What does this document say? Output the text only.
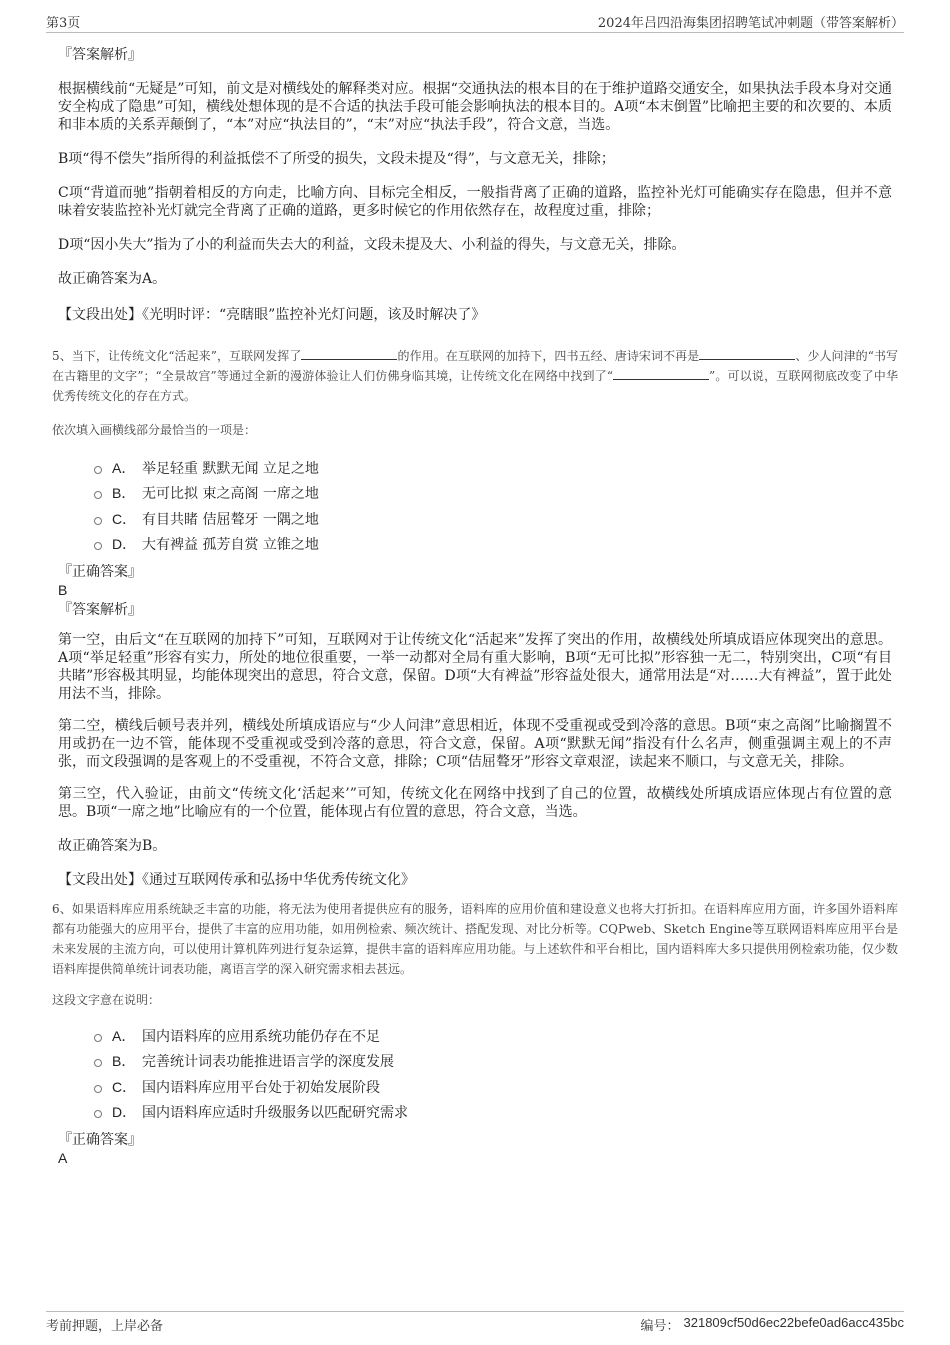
第3页	2024年吕四沿海集团招聘笔试冲刺题（带答案解析）

『答案解析』

根据横线前“无疑是”可知，前文是对横线处的解释类对应。根据“交通执法的根本目的在于维护道路交通安全，如果执法手段本身对交通安全构成了隐患”可知，横线处想体现的是不合适的执法手段可能会影响执法的根本目的。A项“本末倒置”比喻把主要的和次要的、本质和非本质的关系弄颠倒了，“本”对应“执法目的”，“末”对应“执法手段”，符合文意，当选。

B项“得不偿失”指所得的利益抵偿不了所受的损失，文段未提及“得”，与文意无关，排除；

C项“背道而驰”指朝着相反的方向走，比喻方向、目标完全相反，一般指背离了正确的道路，监控补光灯可能确实存在隐患，但并不意味着安装监控补光灯就完全背离了正确的道路，更多时候它的作用依然存在，故程度过重，排除；

D项“因小失大”指为了小的利益而失去大的利益，文段未提及大、小利益的得失，与文意无关，排除。

故正确答案为A。

【文段出处】《光明时评：“亮瞎眼”监控补光灯问题，该及时解决了》

5、当下，让传统文化“活起来”，互联网发挥了	的作用。在互联网的加持下，四书五经、唐诗宋词不再是	、少人问津的“书写在古籍里的文字”；“全景故宫”等通过全新的漫游体验让人们仿佛身临其境，让传统文化在网络中找到了“	”。可以说，互联网彻底改变了中华优秀传统文化的存在方式。

依次填入画横线部分最恰当的一项是：

A． 举足轻重 默默无闻 立足之地
B． 无可比拟 束之高阁 一席之地
C． 有目共睹 佶屈聱牙 一隅之地
D． 大有裨益 孤芳自赏 立锥之地

『正确答案』

B

『答案解析』

第一空，由后文“在互联网的加持下”可知，互联网对于让传统文化“活起来”发挥了突出的作用，故横线处所填成语应体现突出的意思。A项“举足轻重”形容有实力，所处的地位很重要，一举一动都对全局有重大影响，B项“无可比拟”形容独一无二，特别突出，C项“有目共睹”形容极其明显，均能体现突出的意思，符合文意，保留。D项“大有裨益”形容益处很大，通常用法是“对……大有裨益”，置于此处用法不当，排除。

第二空，横线后顿号表并列，横线处所填成语应与“少人问津”意思相近，体现不受重视或受到冷落的意思。B项“束之高阁”比喻搁置不用或扔在一边不管，能体现不受重视或受到冷落的意思，符合文意，保留。A项“默默无闻”指没有什么名声，侧重强调主观上的不声张，而文段强调的是客观上的不受重视，不符合文意，排除；C项“佶屈聱牙”形容文章艰涩，读起来不顺口，与文意无关，排除。

第三空，代入验证，由前文“传统文化‘活起来’”可知，传统文化在网络中找到了自己的位置，故横线处所填成语应体现占有位置的意思。B项“一席之地”比喻应有的一个位置，能体现占有位置的意思，符合文意，当选。

故正确答案为B。

【文段出处】《通过互联网传承和弘扬中华优秀传统文化》

6、如果语料库应用系统缺乏丰富的功能，将无法为使用者提供应有的服务，语料库的应用价值和建设意义也将大打折扣。在语料库应用方面，许多国外语料库都有功能强大的应用平台，提供了丰富的应用功能，如用例检索、频次统计、搭配发现、对比分析等。CQPweb、Sketch Engine等互联网语料库应用平台是未来发展的主流方向，可以使用计算机阵列进行复杂运算，提供丰富的语料库应用功能。与上述软件和平台相比，国内语料库大多只提供用例检索功能，仅少数语料库提供简单统计词表功能，离语言学的深入研究需求相去甚远。

这段文字意在说明：

A． 国内语料库的应用系统功能仍存在不足
B． 完善统计词表功能推进语言学的深度发展
C． 国内语料库应用平台处于初始发展阶段
D． 国内语料库应适时升级服务以匹配研究需求

『正确答案』

A

考前押题，上岸必备	编号： 321809cf50d6ec22befe0ad6acc435bc
